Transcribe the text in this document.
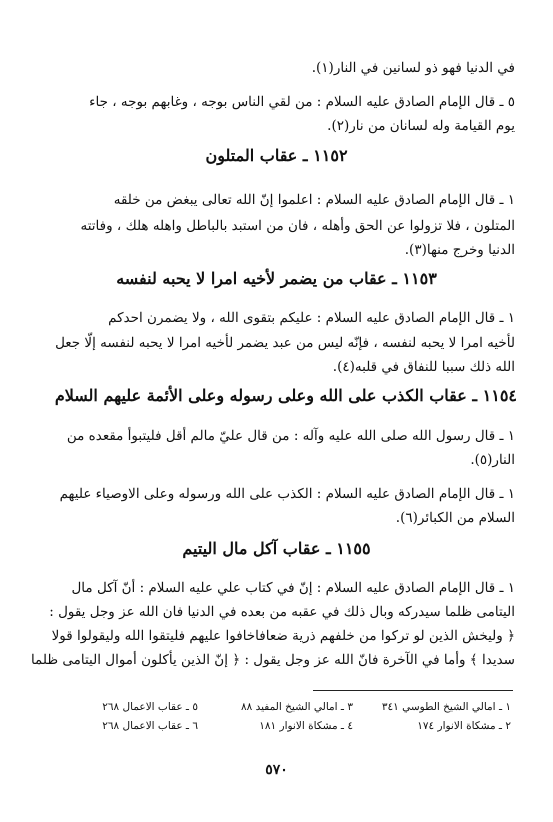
في الدنيا فهو ذو لسانين في النار(١).
٥ ـ قال الإمام الصادق عليه السلام : من لقي الناس بوجه ، وغابهم بوجه ، جاء
يوم القيامة وله لسانان من نار(٢).
١١٥٢ ـ عقاب المتلون
١ ـ قال الإمام الصادق عليه السلام : اعلموا إنّ الله تعالى يبغض من خلقه
المتلون ، فلا تزولوا عن الحق وأهله ، فان من استبد بالباطل واهله هلك ، وفاتته
الدنيا وخرج منها(٣).
١١٥٣ ـ عقاب من يضمر لأخيه امرا لا يحبه لنفسه
١ ـ قال الإمام الصادق عليه السلام : عليكم بتقوى الله ، ولا يضمرن احدكم
لأخيه امرا لا يحبه لنفسه ، فإنّه ليس من عبد يضمر لأخيه امرا لا يحبه لنفسه إلّا جعل
الله ذلك سببا للنفاق في قلبه(٤).
١١٥٤ ـ عقاب الكذب على الله وعلى رسوله وعلى الأئمة عليهم السلام
١ ـ قال رسول الله صلى الله عليه وآله : من قال عليّ مالم أقل فليتبوأ مقعده من
النار(٥).
١ ـ قال الإمام الصادق عليه السلام : الكذب على الله ورسوله وعلى الاوصياء عليهم
السلام من الكبائر(٦).
١١٥٥ ـ عقاب آكل مال اليتيم
١ ـ قال الإمام الصادق عليه السلام : إنّ في كتاب علي عليه السلام : أنّ آكل مال
اليتامى ظلما سيدركه وبال ذلك في عقبه من بعده في الدنيا فان الله عز وجل يقول :
﴿ وليخش الذين لو تركوا من خلفهم ذرية ضعافاخافوا عليهم فليتقوا الله وليقولوا قولا
سديدا ﴾ وأما في الآخرة فانّ الله عز وجل يقول : ﴿ إنّ الذين يأكلون أموال اليتامى ظلما
١ ـ امالي الشيخ الطوسي ٣٤١
٣ ـ امالي الشيخ المفيد ٨٨
٥ ـ عقاب الاعمال ٢٦٨
٢ ـ مشكاة الانوار ١٧٤
٤ ـ مشكاة الانوار ١٨١
٦ ـ عقاب الاعمال ٢٦٨
٥٧٠
